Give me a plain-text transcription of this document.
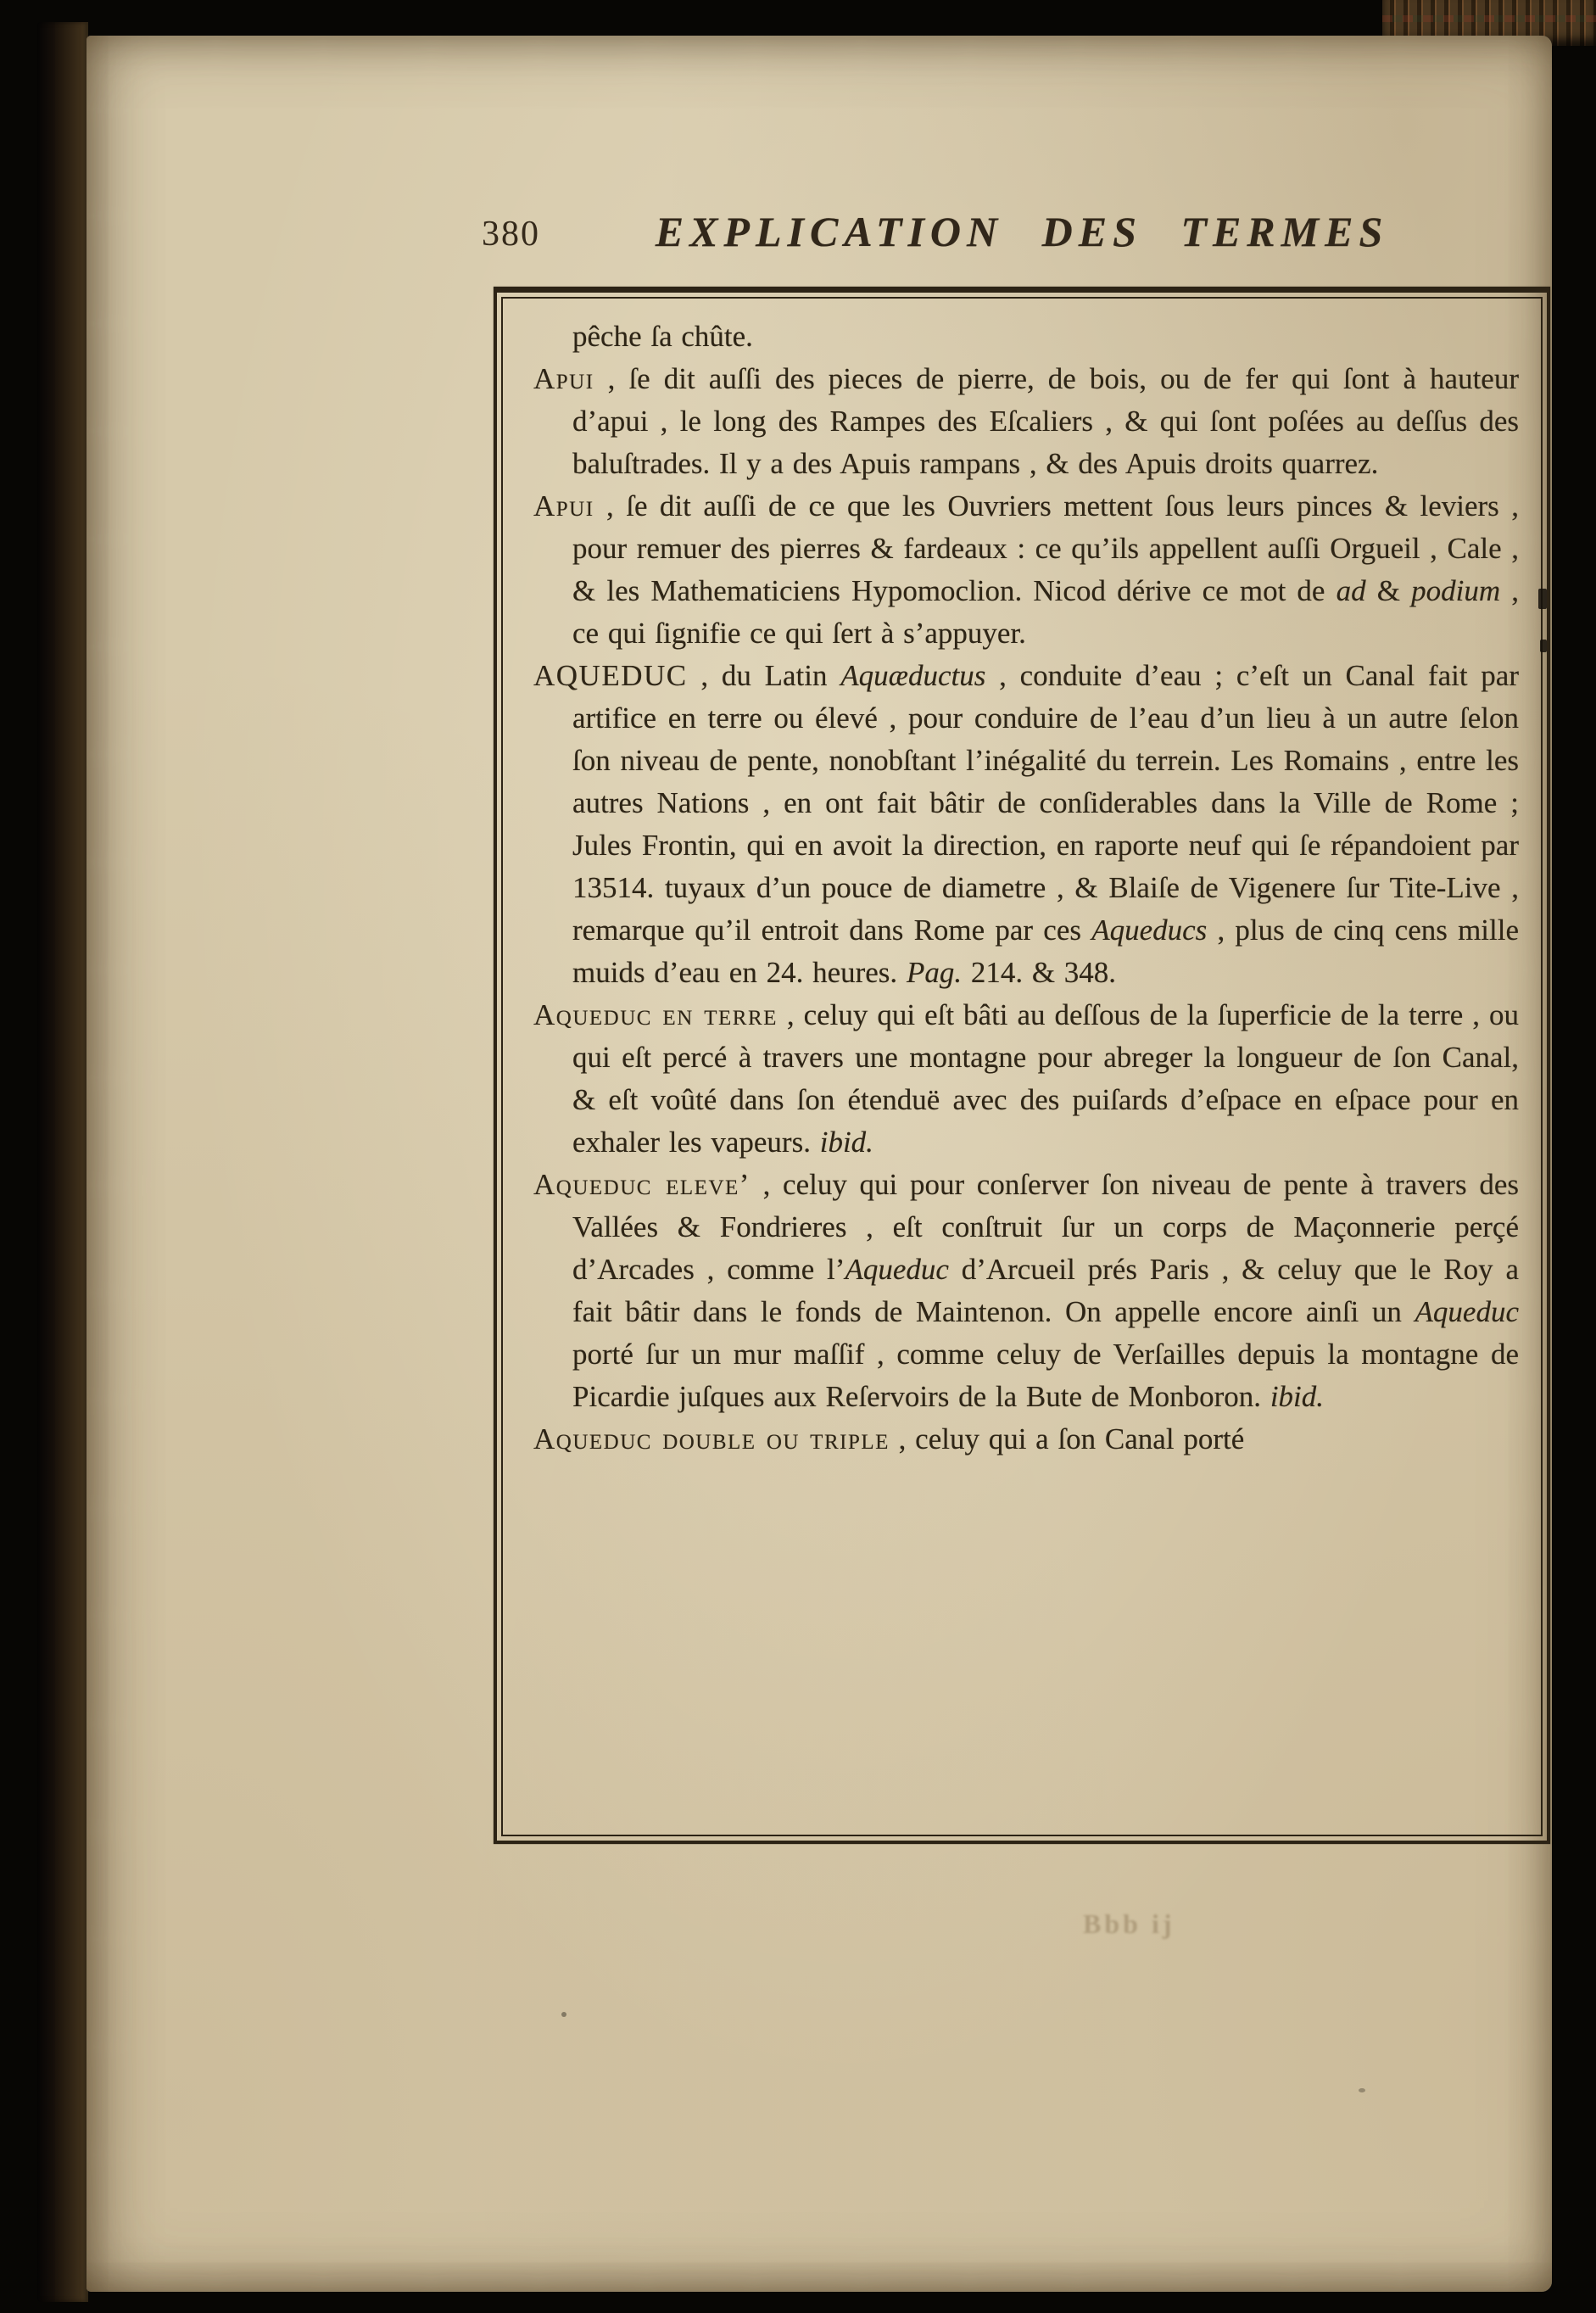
380	EXPLICATION DES TERMES

pêche ſa chûte.

Apui , ſe dit auſſi des pieces de pierre, de bois, ou de fer qui ſont à hauteur d’apui , le long des Rampes des Eſcaliers , & qui ſont poſées au deſſus des baluſtrades. Il y a des Apuis rampans , & des Apuis droits quarrez.

Apui , ſe dit auſſi de ce que les Ouvriers mettent ſous leurs pinces & leviers , pour remuer des pierres & fardeaux : ce qu’ils appellent auſſi Orgueil , Cale , & les Mathematiciens Hypomoclion. Nicod dérive ce mot de ad & podium , ce qui ſignifie ce qui ſert à s’appuyer.

AQUEDUC , du Latin Aquæductus , conduite d’eau ; c’eſt un Canal fait par artifice en terre ou élevé , pour conduire de l’eau d’un lieu à un autre ſelon ſon niveau de pente, nonobſtant l’inégalité du terrein. Les Romains , entre les autres Nations , en ont fait bâtir de conſiderables dans la Ville de Rome ; Jules Frontin, qui en avoit la direction, en raporte neuf qui ſe répandoient par 13514. tuyaux d’un pouce de diametre , & Blaiſe de Vigenere ſur Tite-Live , remarque qu’il entroit dans Rome par ces Aqueducs , plus de cinq cens mille muids d’eau en 24. heures. Pag. 214. & 348.

Aqueduc en terre , celuy qui eſt bâti au deſſous de la ſuperficie de la terre , ou qui eſt percé à travers une montagne pour abreger la longueur de ſon Canal, & eſt voûté dans ſon étenduë avec des puiſards d’eſpace en eſpace pour en exhaler les vapeurs. ibid.

Aqueduc eleve’ , celuy qui pour conſerver ſon niveau de pente à travers des Vallées & Fondrieres , eſt conſtruit ſur un corps de Maçonnerie perçé d’Arcades , comme l’Aqueduc d’Arcueil prés Paris , & celuy que le Roy a fait bâtir dans le fonds de Maintenon. On appelle encore ainſi un Aqueduc porté ſur un mur maſſif , comme celuy de Verſailles depuis la montagne de Picardie juſques aux Reſervoirs de la Bute de Monboron. ibid.

Aqueduc double ou triple , celuy qui a ſon Canal porté

Bbb ij
